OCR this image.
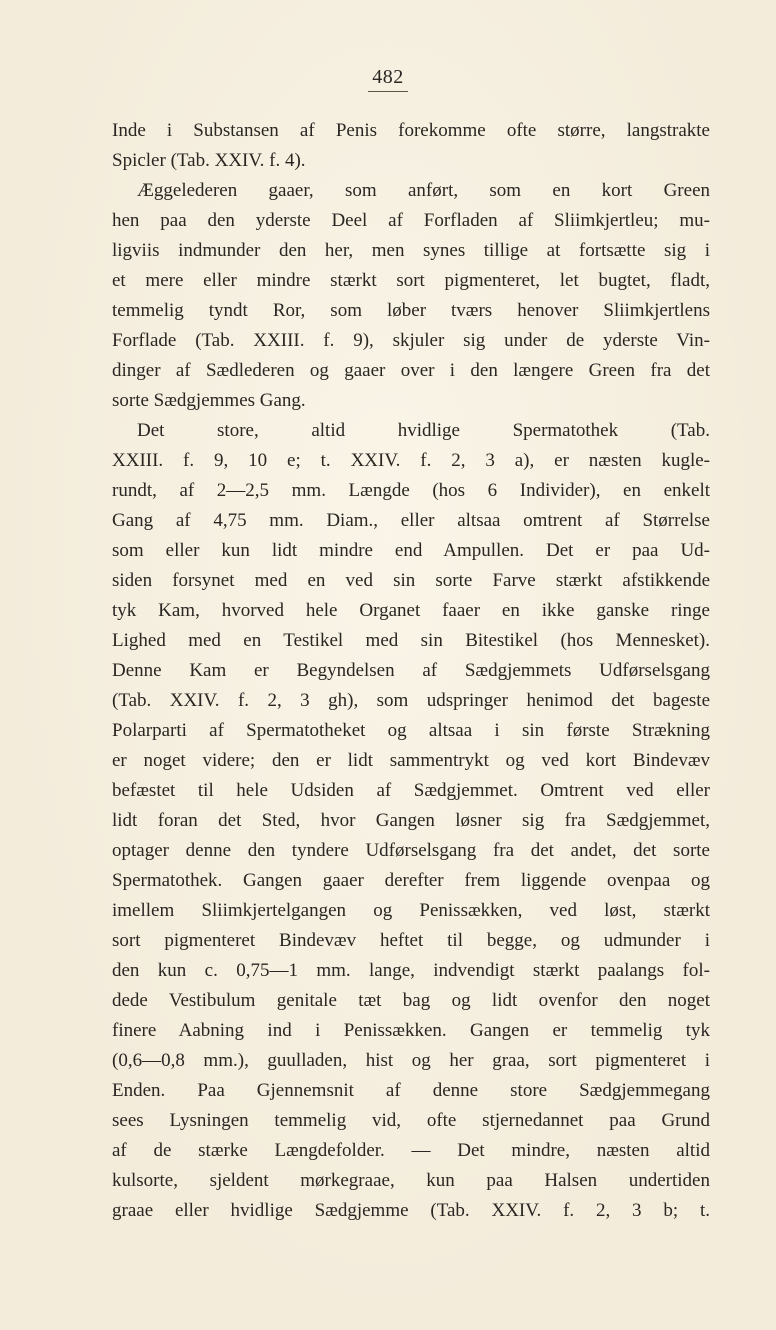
482
Inde i Substansen af Penis forekomme ofte større, langstrakte
Spicler (Tab. XXIV. f. 4).
Æggelederen gaaer, som anført, som en kort Green
hen paa den yderste Deel af Forfladen af Sliimkjertleu; mu-
ligviis indmunder den her, men synes tillige at fortsætte sig i
et mere eller mindre stærkt sort pigmenteret, let bugtet, fladt,
temmelig tyndt Ror, som løber tværs henover Sliimkjertlens
Forflade (Tab. XXIII. f. 9), skjuler sig under de yderste Vin-
dinger af Sædlederen og gaaer over i den længere Green fra det
sorte Sædgjemmes Gang.
Det store, altid hvidlige Spermatothek (Tab.
XXIII. f. 9, 10 e; t. XXIV. f. 2, 3 a), er næsten kugle-
rundt, af 2—2,5 mm. Længde (hos 6 Individer), en enkelt
Gang af 4,75 mm. Diam., eller altsaa omtrent af Størrelse
som eller kun lidt mindre end Ampullen. Det er paa Ud-
siden forsynet med en ved sin sorte Farve stærkt afstikkende
tyk Kam, hvorved hele Organet faaer en ikke ganske ringe
Lighed med en Testikel med sin Bitestikel (hos Mennesket).
Denne Kam er Begyndelsen af Sædgjemmets Udførselsgang
(Tab. XXIV. f. 2, 3 gh), som udspringer henimod det bageste
Polarparti af Spermatotheket og altsaa i sin første Strækning
er noget videre; den er lidt sammentrykt og ved kort Bindevæv
befæstet til hele Udsiden af Sædgjemmet. Omtrent ved eller
lidt foran det Sted, hvor Gangen løsner sig fra Sædgjemmet,
optager denne den tyndere Udførselsgang fra det andet, det sorte
Spermatothek. Gangen gaaer derefter frem liggende ovenpaa og
imellem Sliimkjertelgangen og Penissækken, ved løst, stærkt
sort pigmenteret Bindevæv heftet til begge, og udmunder i
den kun c. 0,75—1 mm. lange, indvendigt stærkt paalangs fol-
dede Vestibulum genitale tæt bag og lidt ovenfor den noget
finere Aabning ind i Penissækken. Gangen er temmelig tyk
(0,6—0,8 mm.), guulladen, hist og her graa, sort pigmenteret i
Enden. Paa Gjennemsnit af denne store Sædgjemmegang
sees Lysningen temmelig vid, ofte stjernedannet paa Grund
af de stærke Længdefolder. — Det mindre, næsten altid
kulsorte, sjeldent mørkegraae, kun paa Halsen undertiden
graae eller hvidlige Sædgjemme (Tab. XXIV. f. 2, 3 b; t.
